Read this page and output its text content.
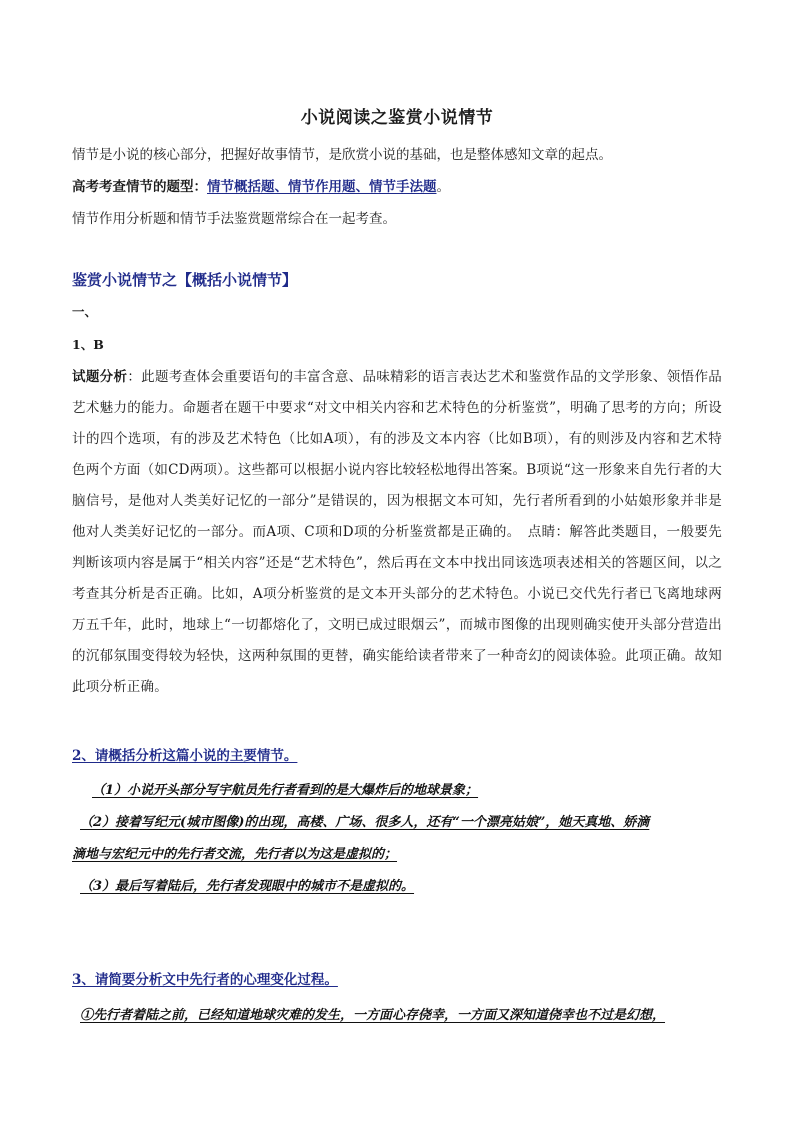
小说阅读之鉴赏小说情节
情节是小说的核心部分，把握好故事情节，是欣赏小说的基础，也是整体感知文章的起点。
高考考查情节的题型：情节概括题、情节作用题、情节手法题。
情节作用分析题和情节手法鉴赏题常综合在一起考查。
鉴赏小说情节之【概括小说情节】
一、
1、B
试题分析：此题考查体会重要语句的丰富含意、品味精彩的语言表达艺术和鉴赏作品的文学形象、领悟作品艺术魅力的能力。命题者在题干中要求“对文中相关内容和艺术特色的分析鉴赏”，明确了思考的方向；所设计的四个选项，有的涉及艺术特色（比如A项），有的涉及文本内容（比如B项），有的则涉及内容和艺术特色两个方面（如CD两项）。这些都可以根据小说内容比较轻松地得出答案。B项说“这一形象来自先行者的大脑信号，是他对人类美好记忆的一部分”是错误的，因为根据文本可知，先行者所看到的小姑娘形象并非是他对人类美好记忆的一部分。而A项、C项和D项的分析鉴赏都是正确的。　点睛：解答此类题目，一般要先判断该项内容是属于“相关内容”还是“艺术特色”，然后再在文本中找出同该选项表述相关的答题区间，以之考查其分析是否正确。比如，A项分析鉴赏的是文本开头部分的艺术特色。小说已交代先行者已飞离地球两万五千年，此时，地球上“一切都熔化了，文明已成过眼烟云”，而城市图像的出现则确实使开头部分营造出的沉郁氛围变得较为轻快，这两种氛围的更替，确实能给读者带来了一种奇幻的阅读体验。此项正确。故知此项分析正确。
2、请概括分析这篇小说的主要情节。
（1）小说开头部分写宇航员先行者看到的是大爆炸后的地球景象；
（2）接着写纪元(城市图像)的出现，高楼、广场、很多人，还有“一个漂亮姑娘”，她天真地、娇滴
滴地与宏纪元中的先行者交流，先行者以为这是虚拟的；
（3）最后写着陆后，先行者发现眼中的城市不是虚拟的。
3、请简要分析文中先行者的心理变化过程。
①先行者着陆之前，已经知道地球灾难的发生，一方面心存侥幸，一方面又深知道侥幸也不过是幻想，
